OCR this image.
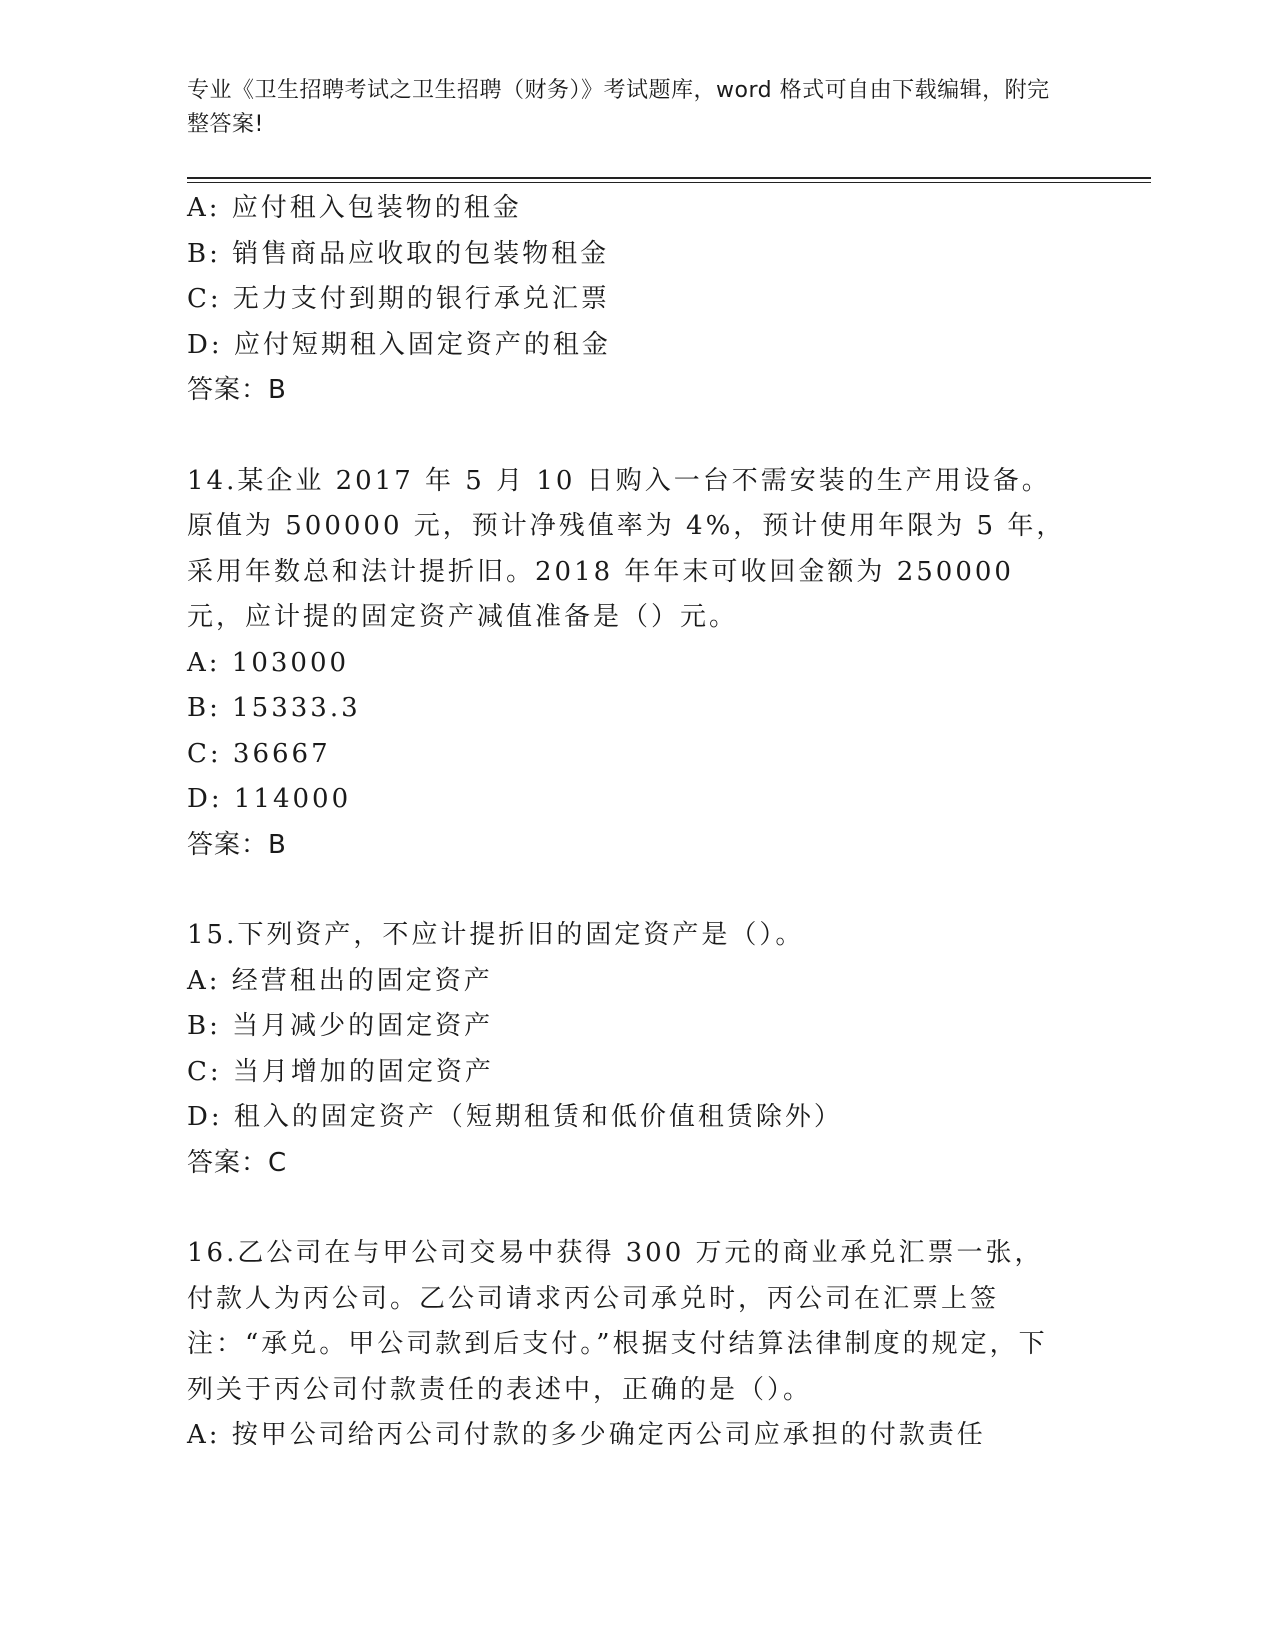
专业《卫生招聘考试之卫生招聘（财务）》考试题库，word 格式可自由下载编辑，附完整答案!
A: 应付租入包装物的租金
B: 销售商品应收取的包装物租金
C: 无力支付到期的银行承兑汇票
D: 应付短期租入固定资产的租金
答案：B
14.某企业 2017 年 5 月 10 日购入一台不需安装的生产用设备。原值为 500000 元，预计净残值率为 4%，预计使用年限为 5 年，采用年数总和法计提折旧。2018 年年末可收回金额为 250000 元，应计提的固定资产减值准备是（）元。
A: 103000
B: 15333.3
C: 36667
D: 114000
答案：B
15.下列资产，不应计提折旧的固定资产是（）。
A: 经营租出的固定资产
B: 当月减少的固定资产
C: 当月增加的固定资产
D: 租入的固定资产（短期租赁和低价值租赁除外）
答案：C
16.乙公司在与甲公司交易中获得 300 万元的商业承兑汇票一张，付款人为丙公司。乙公司请求丙公司承兑时，丙公司在汇票上签注：“承兑。甲公司款到后支付。”根据支付结算法律制度的规定，下列关于丙公司付款责任的表述中，正确的是（）。
A: 按甲公司给丙公司付款的多少确定丙公司应承担的付款责任
